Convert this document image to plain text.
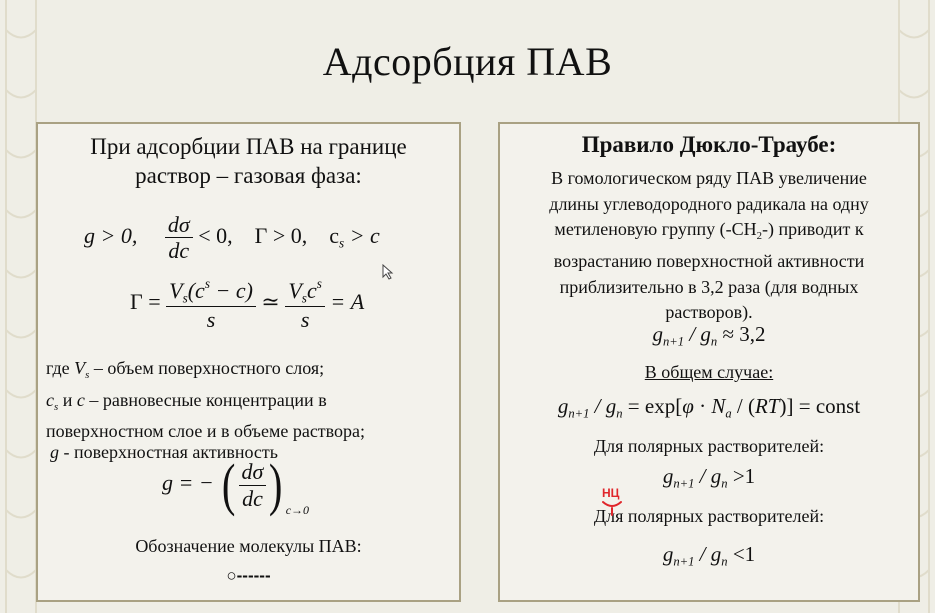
Адсорбция ПАВ
При адсорбции ПАВ на границе
раствор – газовая фаза:
g > 0, $\frac{d\sigma}{dc} < 0$, Γ > 0, $c_s > c$
$\Gamma = \frac{V_s(c^s - c)}{s}$ ≃ $\frac{V_sc^s}{s} = A$
где $V_s$ – объем поверхностного слоя;
$c_s$ и c – равновесные концентрации в
поверхностном слое и в объеме раствора;
g - поверхностная активность
g = − ( $\frac{d\sigma}{dc}$ ) $_{c\to 0}$
Обозначение молекулы ПАВ:
○------
Правило Дюкло-Траубе:
В гомологическом ряду ПАВ увеличение
длины углеводородного радикала на одну
метиленовую группу $(-CH_2-)$ приводит к
возрастанию поверхностной активности
приблизительно в 3,2 раза (для водных
растворов).
$g_{n+1} / g_n \approx 3,2$
В общем случае:
$g_{n+1} / g_n = \exp[\varphi \cdot N_a / (RT)]$ = const
Для полярных растворителей:
$g_{n+1} / g_n >1$
Для полярных растворителей:
$g_{n+1} / g_n <1$
НЦ
